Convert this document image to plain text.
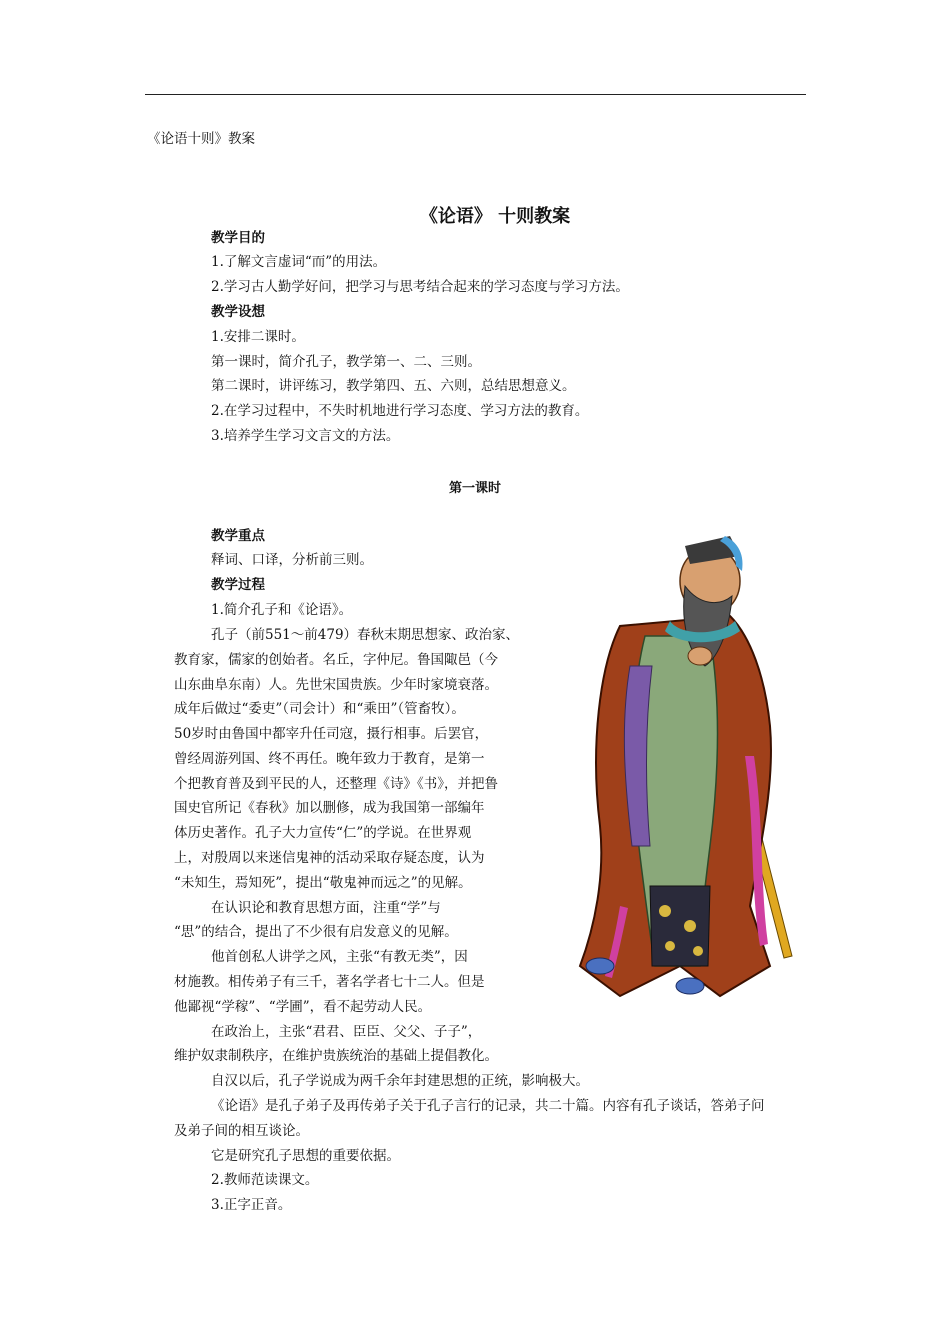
《论语十则》教案
《论语》 十则教案
教学目的
1.了解文言虚词“而”的用法。
2.学习古人勤学好问，把学习与思考结合起来的学习态度与学习方法。
教学设想
1.安排二课时。
第一课时，简介孔子，教学第一、二、三则。
第二课时，讲评练习，教学第四、五、六则，总结思想意义。
2.在学习过程中，不失时机地进行学习态度、学习方法的教育。
3.培养学生学习文言文的方法。
第一课时
教学重点
释词、口译，分析前三则。
教学过程
1.简介孔子和《论语》。
孔子（前551～前479）春秋末期思想家、政治家、
教育家，儒家的创始者。名丘，字仲尼。鲁国陬邑（今
山东曲阜东南）人。先世宋国贵族。少年时家境衰落。
成年后做过“委吏”（司会计）和“乘田”（管畜牧）。
50岁时由鲁国中都宰升任司寇，摄行相事。后罢官，
曾经周游列国、终不再任。晚年致力于教育，是第一
个把教育普及到平民的人，还整理《诗》《书》，并把鲁
国史官所记《春秋》加以删修，成为我国第一部编年
体历史著作。孔子大力宣传“仁”的学说。在世界观
上，对殷周以来迷信鬼神的活动采取存疑态度，认为
“未知生，焉知死”，提出“敬鬼神而远之”的见解。
在认识论和教育思想方面，注重“学”与
“思”的结合，提出了不少很有启发意义的见解。
他首创私人讲学之风，主张“有教无类”，因
材施教。相传弟子有三千，著名学者七十二人。但是
他鄙视“学稼”、“学圃”，看不起劳动人民。
在政治上，主张“君君、臣臣、父父、子子”，
维护奴隶制秩序，在维护贵族统治的基础上提倡教化。
自汉以后，孔子学说成为两千余年封建思想的正统，影响极大。
《论语》是孔子弟子及再传弟子关于孔子言行的记录，共二十篇。内容有孔子谈话，答弟子问
及弟子间的相互谈论。
它是研究孔子思想的重要依据。
2.教师范读课文。
3.正字正音。
